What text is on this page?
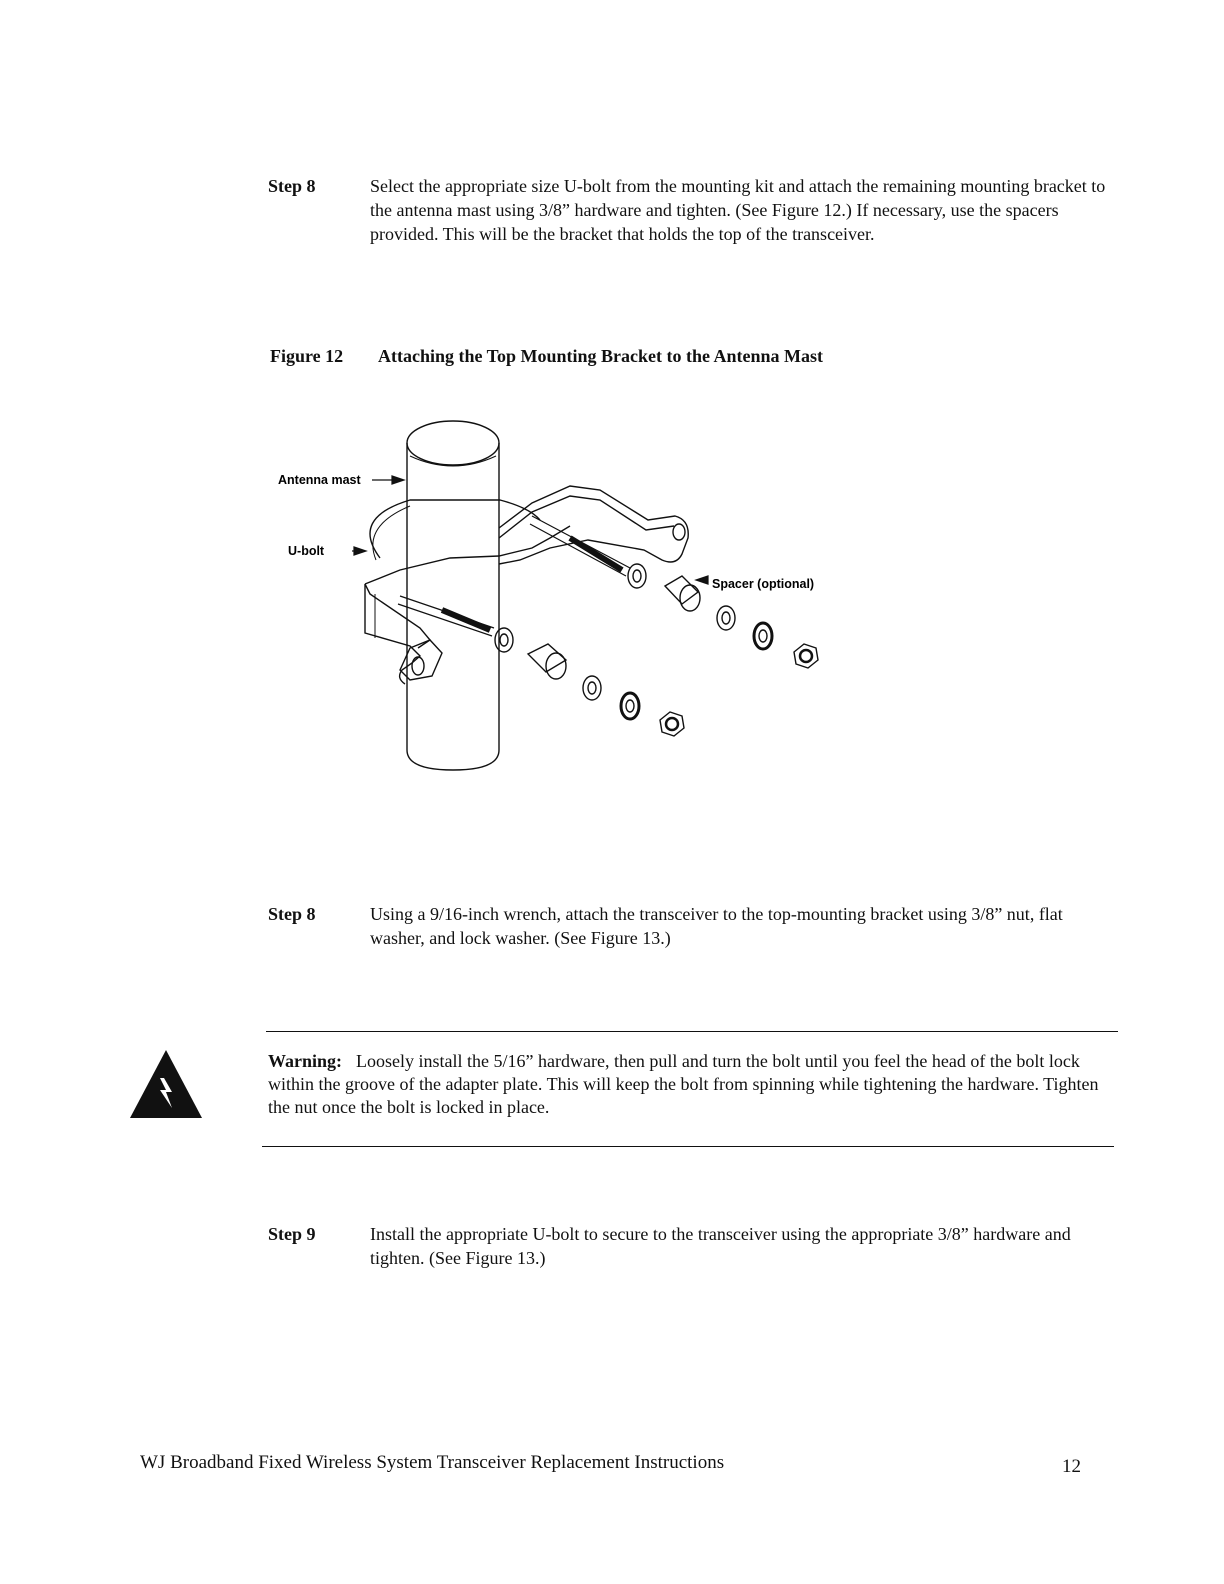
Step 8	Select the appropriate size U-bolt from the mounting kit and attach the remaining mounting bracket to the antenna mast using 3/8” hardware and tighten. (See Figure 12.) If necessary, use the spacers provided. This will be the bracket that holds the top of the transceiver.
Figure 12 Attaching the Top Mounting Bracket to the Antenna Mast
Antenna mast
U-bolt
Spacer (optional)
Step 8	Using a 9/16-inch wrench, attach the transceiver to the top-mounting bracket using 3/8” nut, flat washer, and lock washer. (See Figure 13.)
Warning: Loosely install the 5/16” hardware, then pull and turn the bolt until you feel the head of the bolt lock within the groove of the adapter plate. This will keep the bolt from spinning while tightening the hardware. Tighten the nut once the bolt is locked in place.
Step 9	Install the appropriate U-bolt to secure to the transceiver using the appropriate 3/8” hardware and tighten. (See Figure 13.)
WJ Broadband Fixed Wireless System Transceiver Replacement Instructions	12
